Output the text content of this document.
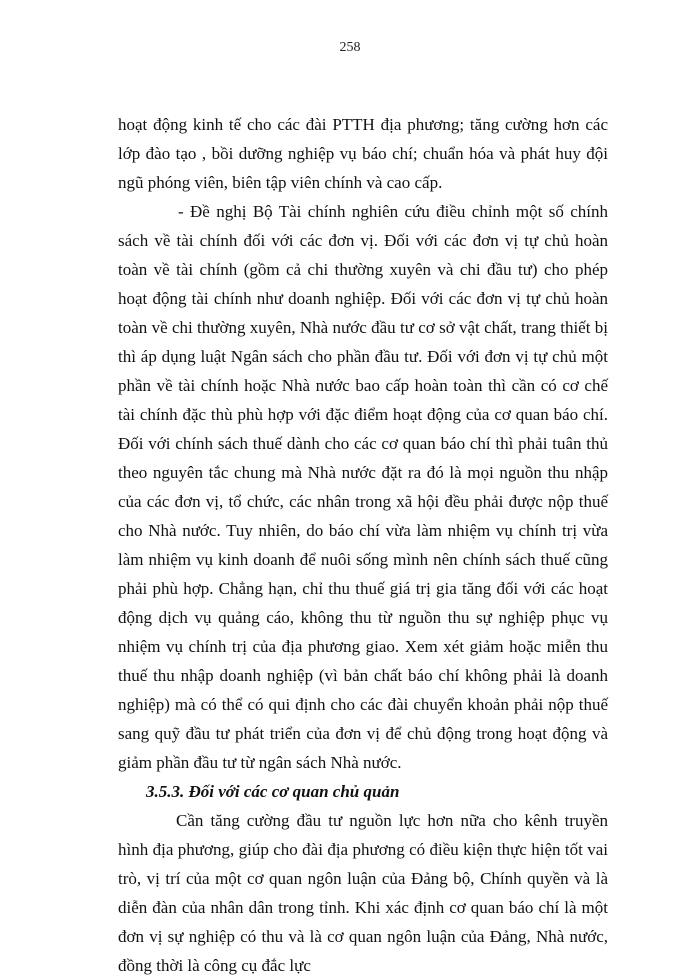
258

hoạt động kinh tế cho các đài PTTH địa phương; tăng cường hơn các lớp đào tạo , bồi dưỡng nghiệp vụ báo chí; chuẩn hóa và phát huy đội ngũ phóng viên, biên tập viên chính và cao cấp.

- Đề nghị Bộ Tài chính nghiên cứu điều chỉnh một số chính sách về tài chính đối với các đơn vị. Đối với các đơn vị tự chủ hoàn toàn về tài chính (gồm cả chi thường xuyên và chi đầu tư) cho phép hoạt động tài chính như doanh nghiệp. Đối với các đơn vị tự chủ hoàn toàn về chi thường xuyên, Nhà nước đầu tư cơ sở vật chất, trang thiết bị thì áp dụng luật Ngân sách cho phần đầu tư. Đối với đơn vị tự chủ một phần về tài chính hoặc Nhà nước bao cấp hoàn toàn thì cần có cơ chế tài chính đặc thù phù hợp với đặc điểm hoạt động của cơ quan báo chí. Đối với chính sách thuế dành cho các cơ quan báo chí thì phải tuân thủ theo nguyên tắc chung mà Nhà nước đặt ra đó là mọi nguồn thu nhập của các đơn vị, tổ chức, các nhân trong xã hội đều phải được nộp thuế cho Nhà nước. Tuy nhiên, do báo chí vừa làm nhiệm vụ chính trị vừa làm nhiệm vụ kinh doanh để nuôi sống mình nên chính sách thuế cũng phải phù hợp. Chẳng hạn, chỉ thu thuế giá trị gia tăng đối với các hoạt động dịch vụ quảng cáo, không thu từ nguồn thu sự nghiệp phục vụ nhiệm vụ chính trị của địa phương giao. Xem xét giảm hoặc miễn thu thuế thu nhập doanh nghiệp (vì bản chất báo chí không phải là doanh nghiệp) mà có thể có qui định cho các đài chuyển khoản phải nộp thuế sang quỹ đầu tư phát triển của đơn vị để chủ động trong hoạt động và giảm phần đầu tư từ ngân sách Nhà nước.

3.5.3. Đối với các cơ quan chủ quản

Cần tăng cường đầu tư nguồn lực hơn nữa cho kênh truyền hình địa phương, giúp cho đài địa phương có điều kiện thực hiện tốt vai trò, vị trí của một cơ quan ngôn luận của Đảng bộ, Chính quyền và là diễn đàn của nhân dân trong tỉnh. Khi xác định cơ quan báo chí là một đơn vị sự nghiệp có thu và là cơ quan ngôn luận của Đảng, Nhà nước, đồng thời là công cụ đắc lực
